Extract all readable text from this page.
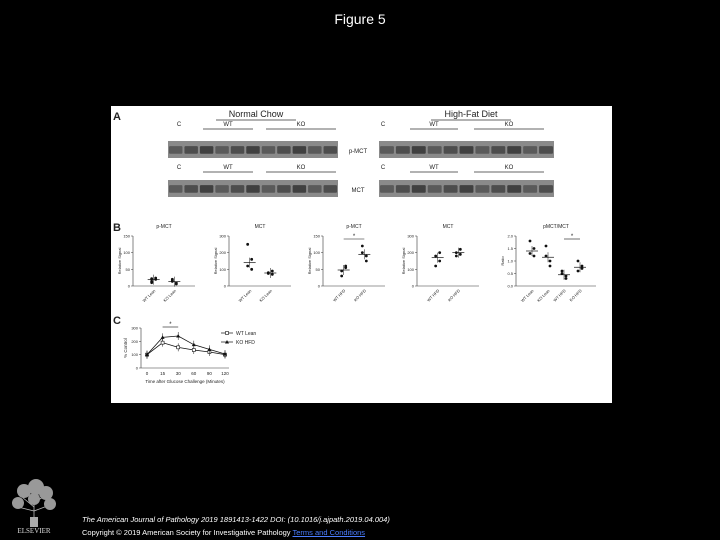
Figure 5
A	Normal Chow	High-Fat Diet
C	WT	KO	C	WT	KO
p-MCT
C	WT	KO	C	WT	KO
MCT
B	p-MCT
0
50
100
150
Relative Signal
WT Lean KO Lean
MCT
0
100
200
300
Relative Signal
WT Lean KO Lean
p-MCT
0
50
100
150
Relative Signal
WT HFD KO HFD
*
MCT
0
100
200
300
Relative Signal
WT HFD KO HFD
pMCT/MCT
0.0
0.5
1.0
1.5
2.0
Ratio
WT Lean KO Lean WT HFD KO HFD
*
C
0
100
200
300
% Control
0	15 30 60 90 120
Time after Glucose Challenge (Minutes)
*
WT Lean
KO HFD
ELSEVIER
The American Journal of Pathology 2019 1891413-1422 DOI: (10.1016/j.ajpath.2019.04.004)
Copyright © 2019 American Society for Investigative Pathology Terms and Conditions
